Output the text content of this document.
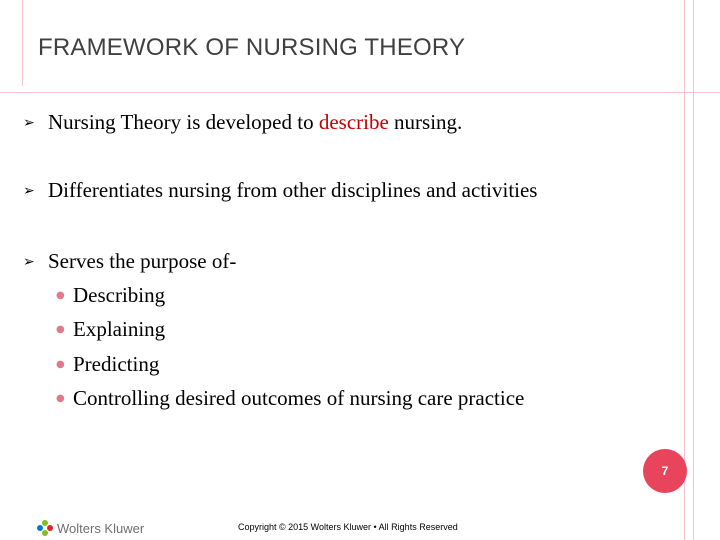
FRAMEWORK OF NURSING THEORY
➢ Nursing Theory is developed to describe nursing.
➢ Differentiates nursing from other disciplines and activities
➢ Serves the purpose of-
● Describing
● Explaining
● Predicting
● Controlling desired outcomes of nursing care practice
7
Wolters Kluwer	Copyright © 2015 Wolters Kluwer • All Rights Reserved
